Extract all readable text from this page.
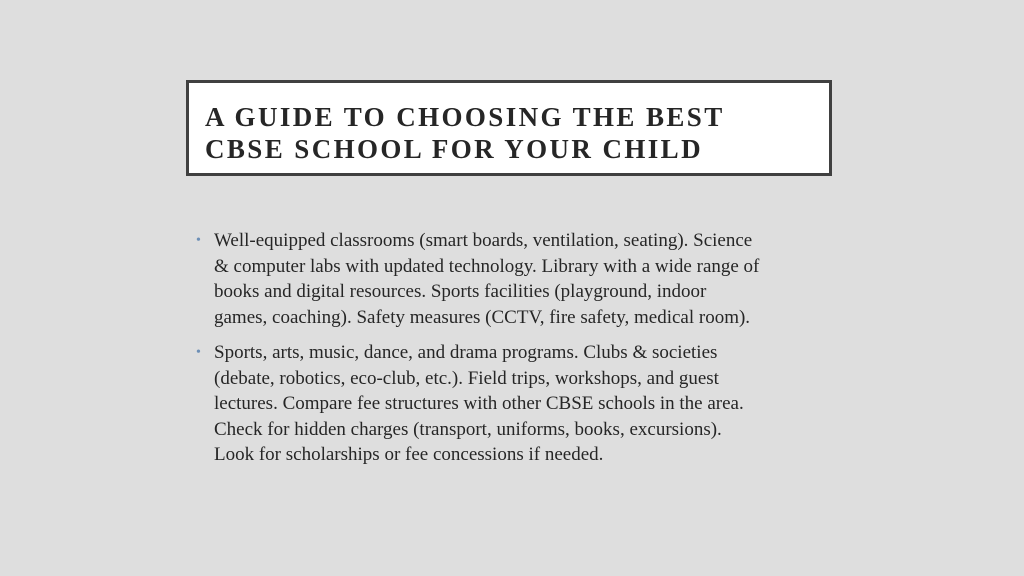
A GUIDE TO CHOOSING THE BEST
CBSE SCHOOL FOR YOUR CHILD
• Well-equipped classrooms (smart boards, ventilation, seating). Science
& computer labs with updated technology. Library with a wide range of
books and digital resources. Sports facilities (playground, indoor
games, coaching). Safety measures (CCTV, fire safety, medical room).
• Sports, arts, music, dance, and drama programs. Clubs & societies
(debate, robotics, eco-club, etc.). Field trips, workshops, and guest
lectures. Compare fee structures with other CBSE schools in the area.
Check for hidden charges (transport, uniforms, books, excursions).
Look for scholarships or fee concessions if needed.
